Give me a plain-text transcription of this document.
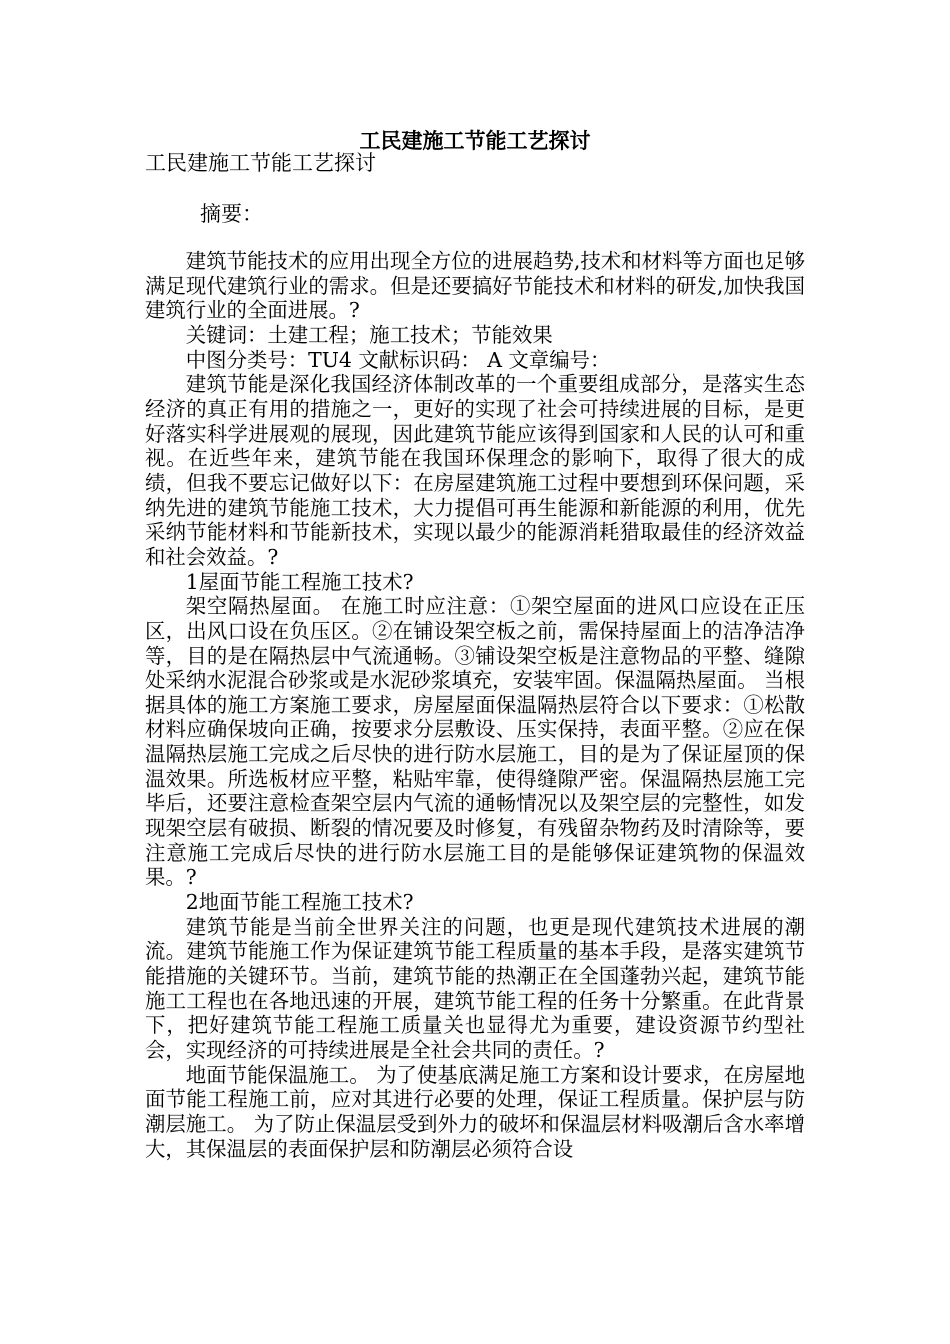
工民建施工节能工艺探讨
工民建施工节能工艺探讨
摘要：

建筑节能技术的应用出现全方位的进展趋势,技术和材料等方面也足够满足现代建筑行业的需求。但是还要搞好节能技术和材料的研发,加快我国建筑行业的全面进展。?

关键词：土建工程；施工技术；节能效果

中图分类号：TU4 文献标识码： A 文章编号：

建筑节能是深化我国经济体制改革的一个重要组成部分，是落实生态经济的真正有用的措施之一，更好的实现了社会可持续进展的目标，是更好落实科学进展观的展现，因此建筑节能应该得到国家和人民的认可和重视。在近些年来，建筑节能在我国环保理念的影响下，取得了很大的成绩，但我不要忘记做好以下：在房屋建筑施工过程中要想到环保问题，采纳先进的建筑节能施工技术，大力提倡可再生能源和新能源的利用，优先采纳节能材料和节能新技术，实现以最少的能源消耗猎取最佳的经济效益和社会效益。?

1屋面节能工程施工技术?

架空隔热屋面。 在施工时应注意：①架空屋面的进风口应设在正压区，出风口设在负压区。②在铺设架空板之前，需保持屋面上的洁净洁净等，目的是在隔热层中气流通畅。③铺设架空板是注意物品的平整、缝隙处采纳水泥混合砂浆或是水泥砂浆填充，安装牢固。保温隔热屋面。 当根据具体的施工方案施工要求，房屋屋面保温隔热层符合以下要求：①松散材料应确保坡向正确，按要求分层敷设、压实保持，表面平整。②应在保温隔热层施工完成之后尽快的进行防水层施工，目的是为了保证屋顶的保温效果。所选板材应平整，粘贴牢靠，使得缝隙严密。保温隔热层施工完毕后，还要注意检查架空层内气流的通畅情况以及架空层的完整性，如发现架空层有破损、断裂的情况要及时修复，有残留杂物药及时清除等，要注意施工完成后尽快的进行防水层施工目的是能够保证建筑物的保温效果。?

2地面节能工程施工技术?

建筑节能是当前全世界关注的问题，也更是现代建筑技术进展的潮流。建筑节能施工作为保证建筑节能工程质量的基本手段，是落实建筑节能措施的关键环节。当前，建筑节能的热潮正在全国蓬勃兴起，建筑节能施工工程也在各地迅速的开展，建筑节能工程的任务十分繁重。在此背景下，把好建筑节能工程施工质量关也显得尤为重要，建设资源节约型社会，实现经济的可持续进展是全社会共同的责任。?

地面节能保温施工。 为了使基底满足施工方案和设计要求，在房屋地面节能工程施工前，应对其进行必要的处理，保证工程质量。保护层与防潮层施工。 为了防止保温层受到外力的破坏和保温层材料吸潮后含水率增大，其保温层的表面保护层和防潮层必须符合设
